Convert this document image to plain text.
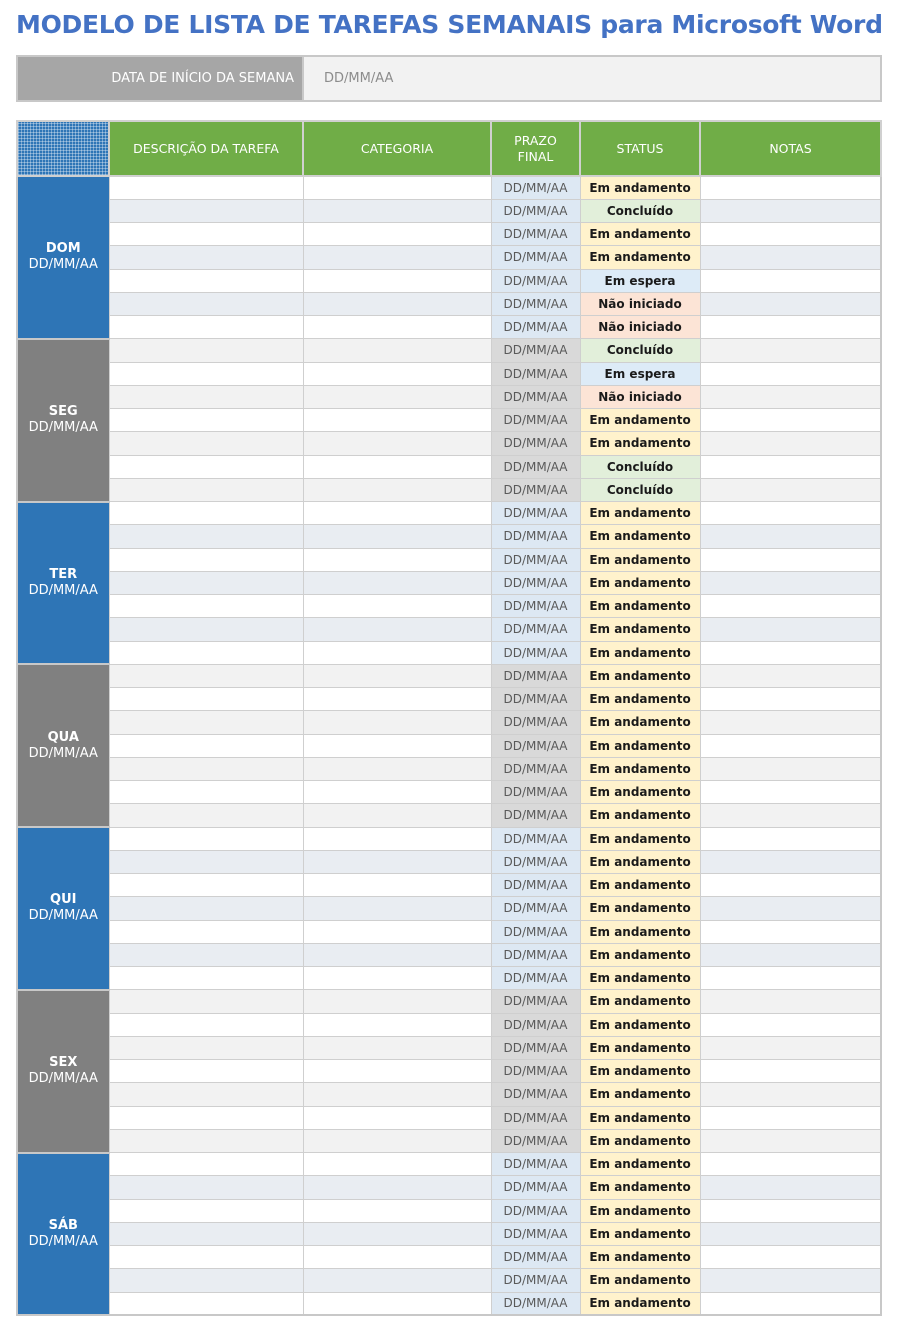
MODELO DE LISTA DE TAREFAS SEMANAIS para Microsoft Word
DATA DE INÍCIO DA SEMANA	DD/MM/AA
	DESCRIÇÃO DA TAREFA	CATEGORIA	PRAZO FINAL	STATUS	NOTAS

DOM
DD/MM/AA			DD/MM/AA	Em andamento	
			DD/MM/AA	Concluído	
			DD/MM/AA	Em andamento	
			DD/MM/AA	Em andamento	
			DD/MM/AA	Em espera	
			DD/MM/AA	Não iniciado	
			DD/MM/AA	Não iniciado	

SEG
DD/MM/AA			DD/MM/AA	Concluído	
			DD/MM/AA	Em espera	
			DD/MM/AA	Não iniciado	
			DD/MM/AA	Em andamento	
			DD/MM/AA	Em andamento	
			DD/MM/AA	Concluído	
			DD/MM/AA	Concluído	

TER
DD/MM/AA			DD/MM/AA	Em andamento	
			DD/MM/AA	Em andamento	
			DD/MM/AA	Em andamento	
			DD/MM/AA	Em andamento	
			DD/MM/AA	Em andamento	
			DD/MM/AA	Em andamento	
			DD/MM/AA	Em andamento	

QUA
DD/MM/AA			DD/MM/AA	Em andamento	
			DD/MM/AA	Em andamento	
			DD/MM/AA	Em andamento	
			DD/MM/AA	Em andamento	
			DD/MM/AA	Em andamento	
			DD/MM/AA	Em andamento	
			DD/MM/AA	Em andamento	

QUI
DD/MM/AA			DD/MM/AA	Em andamento	
			DD/MM/AA	Em andamento	
			DD/MM/AA	Em andamento	
			DD/MM/AA	Em andamento	
			DD/MM/AA	Em andamento	
			DD/MM/AA	Em andamento	
			DD/MM/AA	Em andamento	

SEX
DD/MM/AA			DD/MM/AA	Em andamento	
			DD/MM/AA	Em andamento	
			DD/MM/AA	Em andamento	
			DD/MM/AA	Em andamento	
			DD/MM/AA	Em andamento	
			DD/MM/AA	Em andamento	
			DD/MM/AA	Em andamento	

SÁB
DD/MM/AA			DD/MM/AA	Em andamento	
			DD/MM/AA	Em andamento	
			DD/MM/AA	Em andamento	
			DD/MM/AA	Em andamento	
			DD/MM/AA	Em andamento	
			DD/MM/AA	Em andamento	
			DD/MM/AA	Em andamento	
